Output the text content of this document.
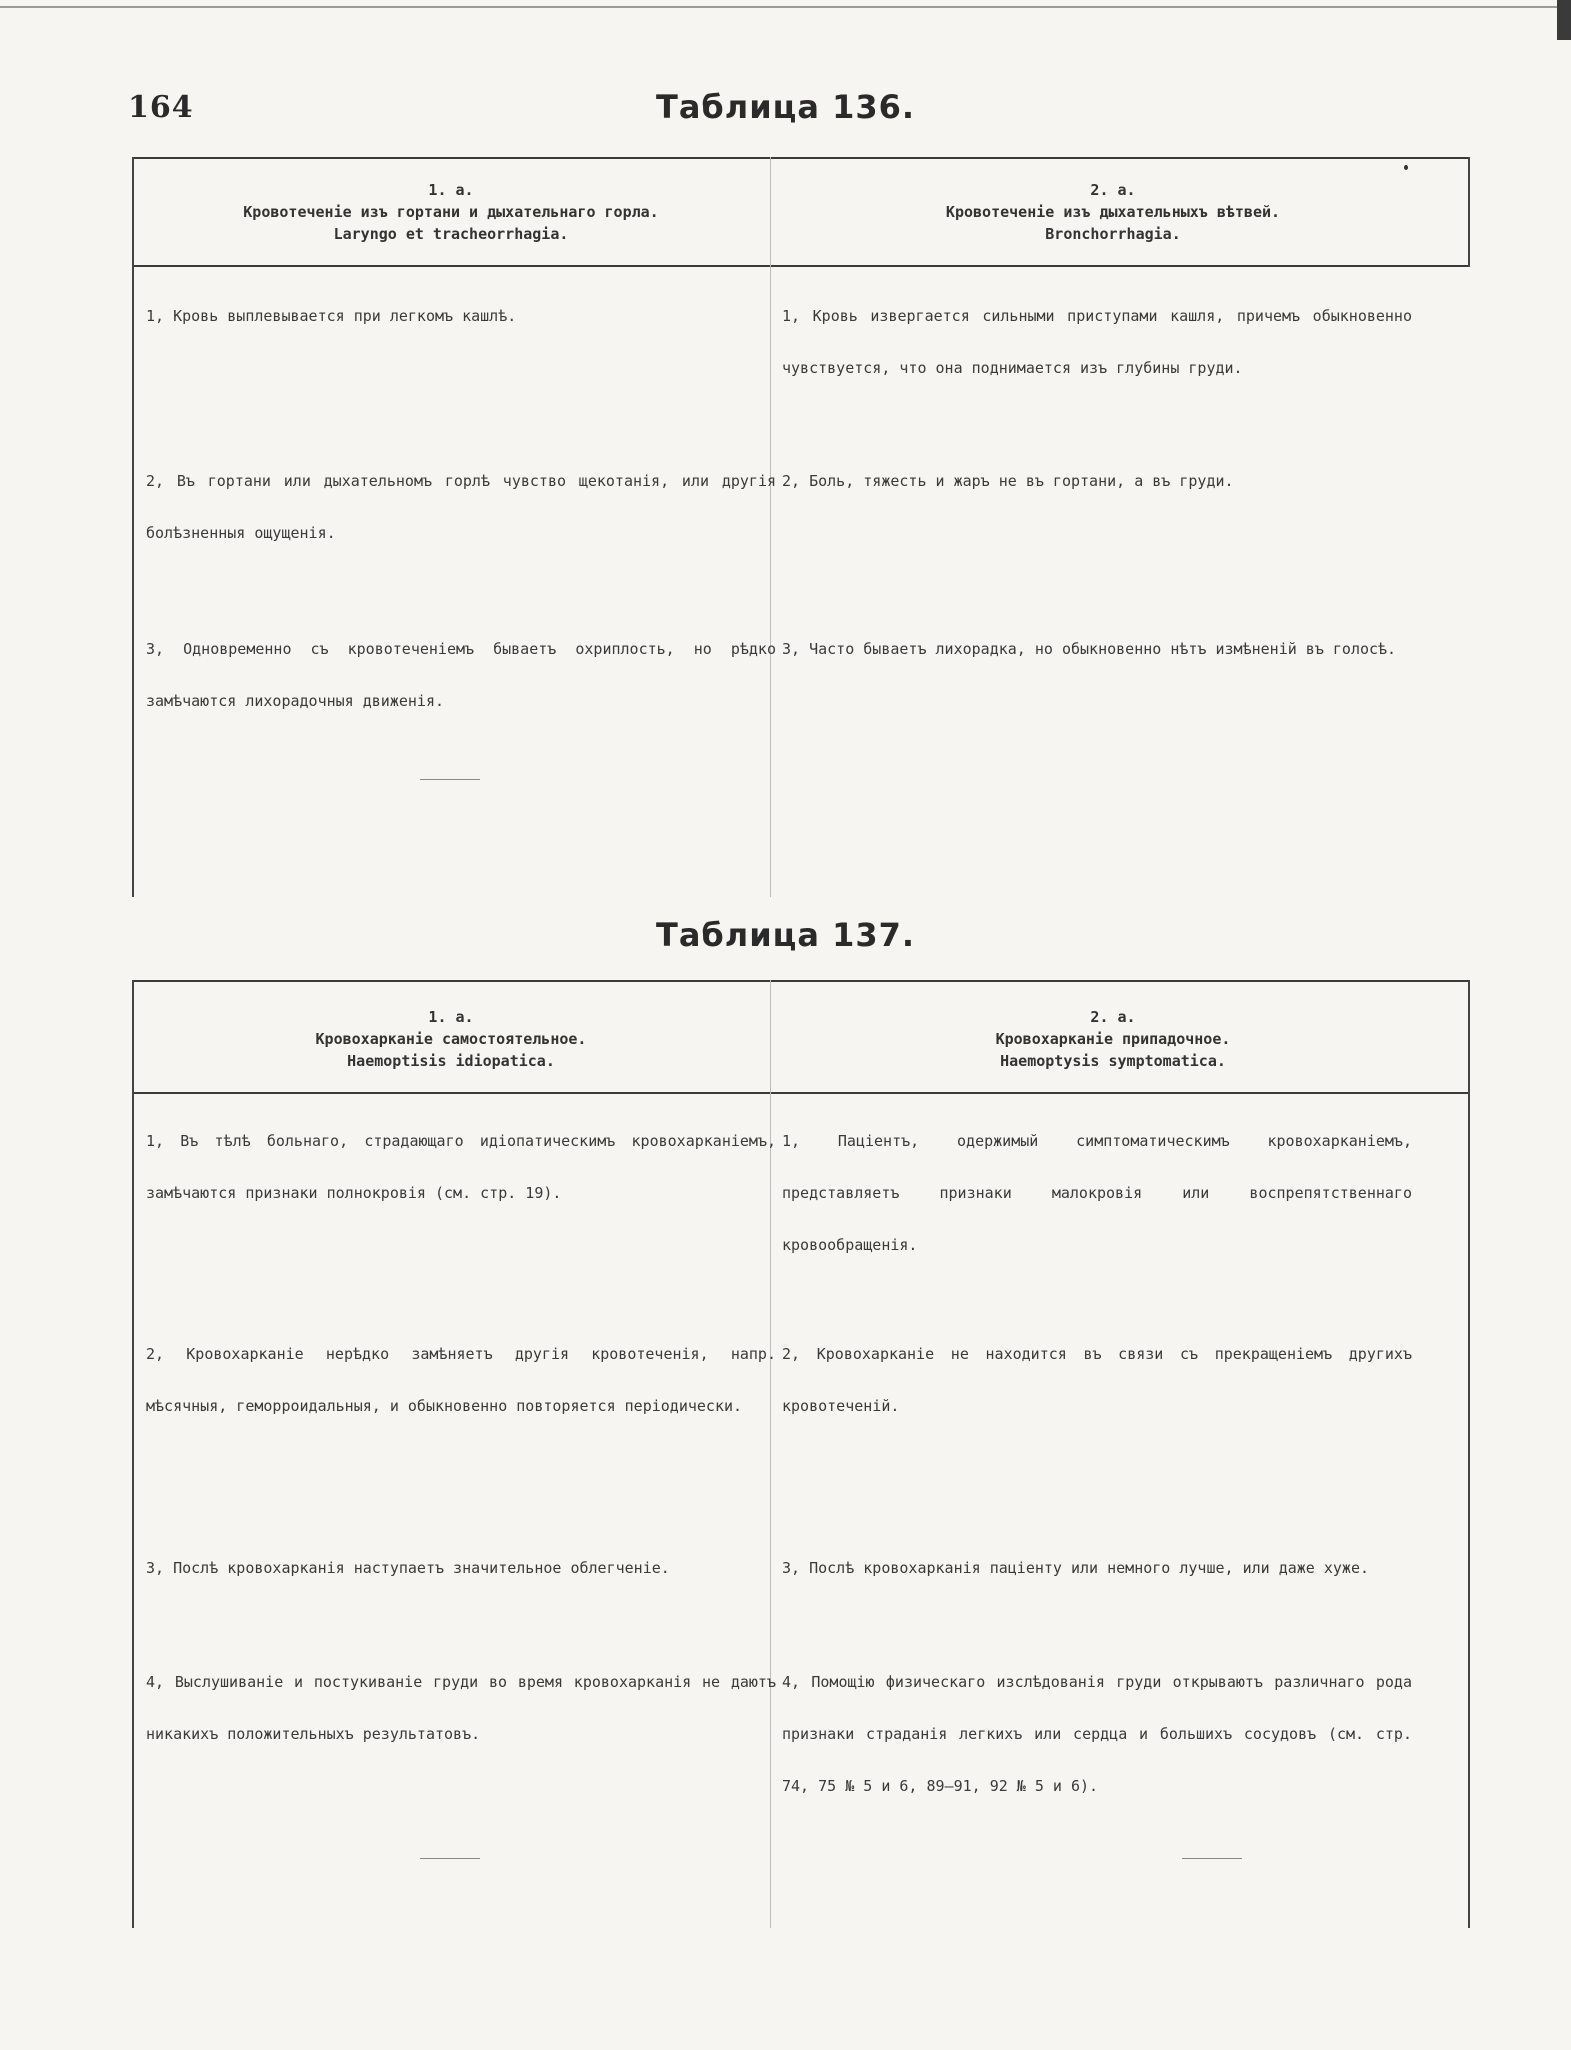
164	Таблица 136.
1. a.
Кровотеченіе изъ гортани и дыхательнаго горла.
Laryngo et tracheorrhagia.
2. a.
Кровотеченіе изъ дыхательныхъ вѣтвей.
Bronchorrhagia.
1, Кровь выплевывается при легкомъ кашлѣ.
2, Въ гортани или дыхательномъ горлѣ чувство щекотанія, или другія болѣзненныя ощущенія.
3, Одновременно съ кровотеченіемъ бываетъ охриплость, но рѣдко замѣчаются лихорадочныя движенія.
1, Кровь извергается сильными приступами кашля, причемъ обыкновенно чувствуется, что она поднимается изъ глубины груди.
2, Боль, тяжесть и жаръ не въ гортани, а въ груди.
3, Часто бываетъ лихорадка, но обыкновенно нѣтъ измѣненій въ голосѣ.
Таблица 137.
1. a.
Кровохарканіе самостоятельное.
Haemoptisis idiopatica.
2. a.
Кровохарканіе припадочное.
Haemoptysis symptomatica.
1, Въ тѣлѣ больнаго, страдающаго идіопатическимъ кровохарканіемъ, замѣчаются признаки полнокровія (см. стр. 19).
2, Кровохарканіе нерѣдко замѣняетъ другія кровотеченія, напр. мѣсячныя, геморроидальныя, и обыкновенно повторяется періодически.
3, Послѣ кровохарканія наступаетъ значительное облегченіе.
4, Выслушиваніе и постукиваніе груди во время кровохарканія не даютъ никакихъ положительныхъ результатовъ.
1, Паціентъ, одержимый симптоматическимъ кровохарканіемъ, представляетъ признаки малокровія или воспрепятственнаго кровообращенія.
2, Кровохарканіе не находится въ связи съ прекращеніемъ другихъ кровотеченій.
3, Послѣ кровохарканія паціенту или немного лучше, или даже хуже.
4, Помощію физическаго изслѣдованія груди открываютъ различнаго рода признаки страданія легкихъ или сердца и большихъ сосудовъ (см. стр. 74, 75 № 5 и 6, 89—91, 92 № 5 и 6).
